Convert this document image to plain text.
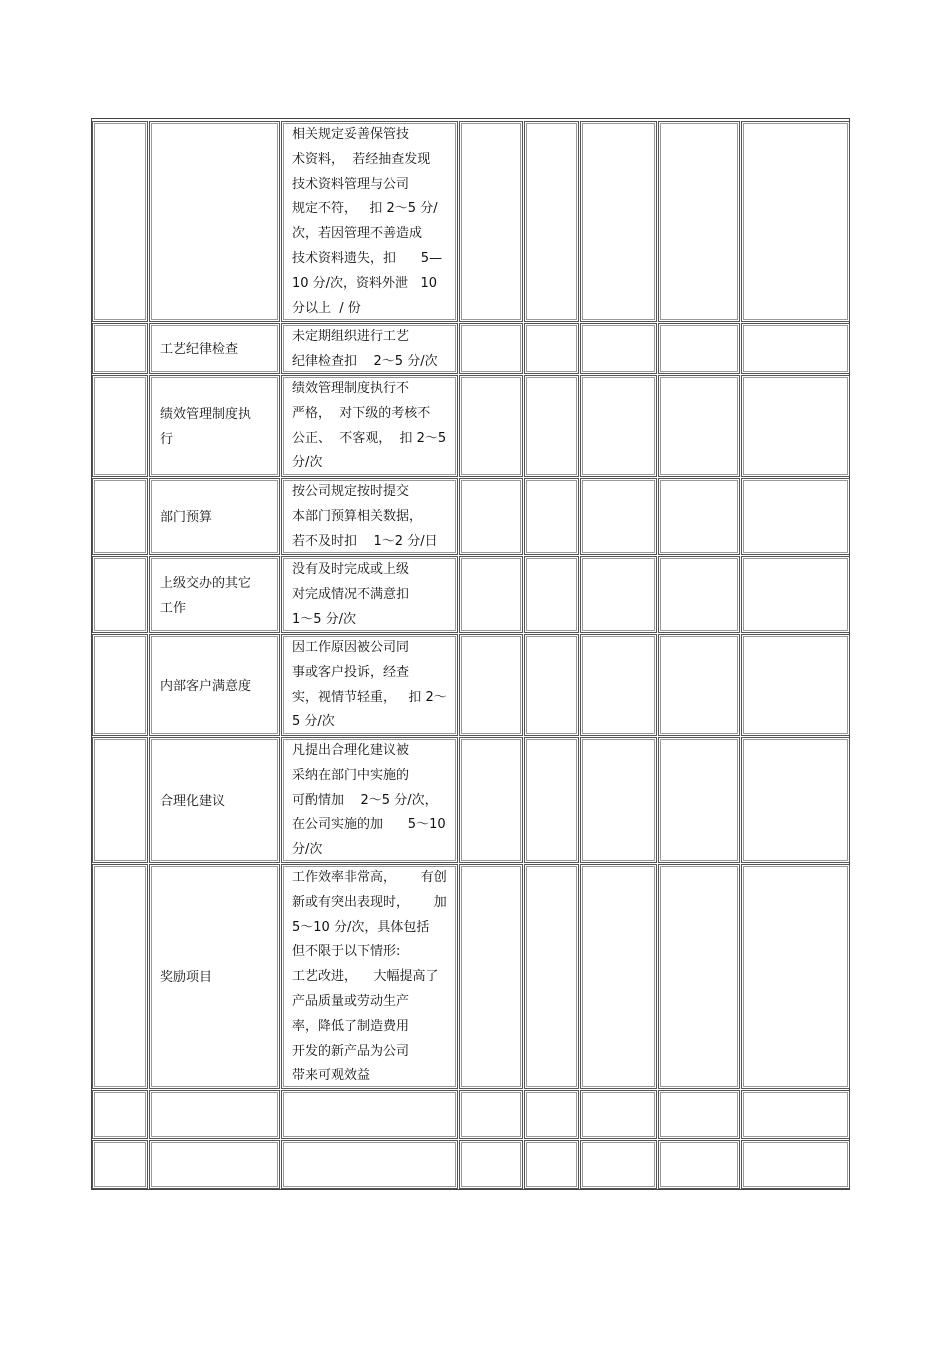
相关规定妥善保管技
术资料，  若经抽查发现
技术资料管理与公司
规定不符，   扣 2～5 分/
次，若因管理不善造成
技术资料遗失，扣      5—
10 分/次，资料外泄   10
分以上  / 份
工艺纪律检查
未定期组织进行工艺
纪律检查扣    2～5 分/次
绩效管理制度执
行
绩效管理制度执行不
严格，  对下级的考核不
公正、  不客观，  扣 2～5
分/次
部门预算
按公司规定按时提交
本部门预算相关数据，
若不及时扣    1～2 分/日
上级交办的其它
工作
没有及时完成或上级
对完成情况不满意扣
1～5 分/次
内部客户满意度
因工作原因被公司同
事或客户投诉，经查
实，视情节轻重，   扣 2～
5 分/次
合理化建议
凡提出合理化建议被
采纳在部门中实施的
可酌情加    2～5 分/次，
在公司实施的加      5～10
分/次
奖励项目
工作效率非常高，      有创
新或有突出表现时，      加
5～10 分/次，具体包括
但不限于以下情形:
工艺改进，    大幅提高了
产品质量或劳动生产
率，降低了制造费用
开发的新产品为公司
带来可观效益
